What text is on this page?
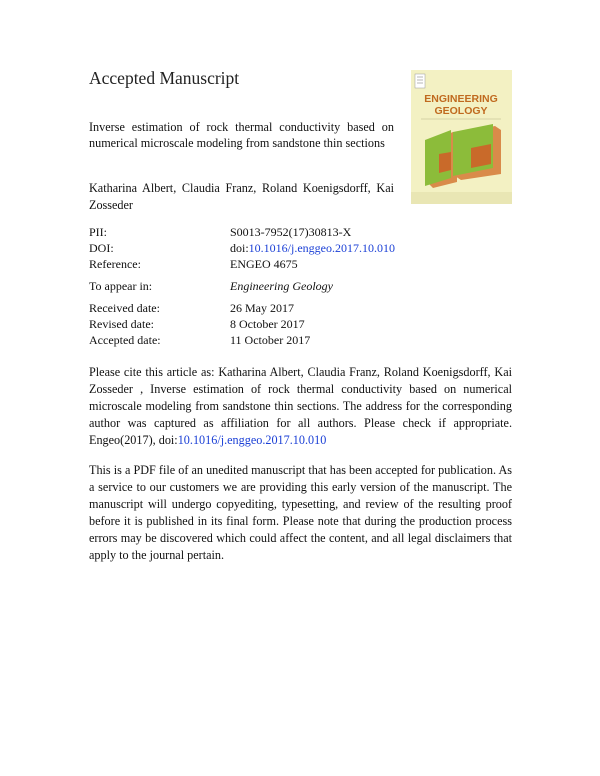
Accepted Manuscript
ENGINEERING
GEOLOGY
Inverse estimation of rock thermal conductivity based on numerical microscale modeling from sandstone thin sections
Katharina Albert, Claudia Franz, Roland Koenigsdorff, Kai Zosseder
PII:	S0013-7952(17)30813-X
DOI:	doi:10.1016/j.enggeo.2017.10.010
Reference:	ENGEO 4675
To appear in:	Engineering Geology
Received date:	26 May 2017
Revised date:	8 October 2017
Accepted date:	11 October 2017
Please cite this article as: Katharina Albert, Claudia Franz, Roland Koenigsdorff, Kai Zosseder , Inverse estimation of rock thermal conductivity based on numerical microscale modeling from sandstone thin sections. The address for the corresponding author was captured as affiliation for all authors. Please check if appropriate. Engeo(2017), doi:10.1016/j.enggeo.2017.10.010
This is a PDF file of an unedited manuscript that has been accepted for publication. As a service to our customers we are providing this early version of the manuscript. The manuscript will undergo copyediting, typesetting, and review of the resulting proof before it is published in its final form. Please note that during the production process errors may be discovered which could affect the content, and all legal disclaimers that apply to the journal pertain.
